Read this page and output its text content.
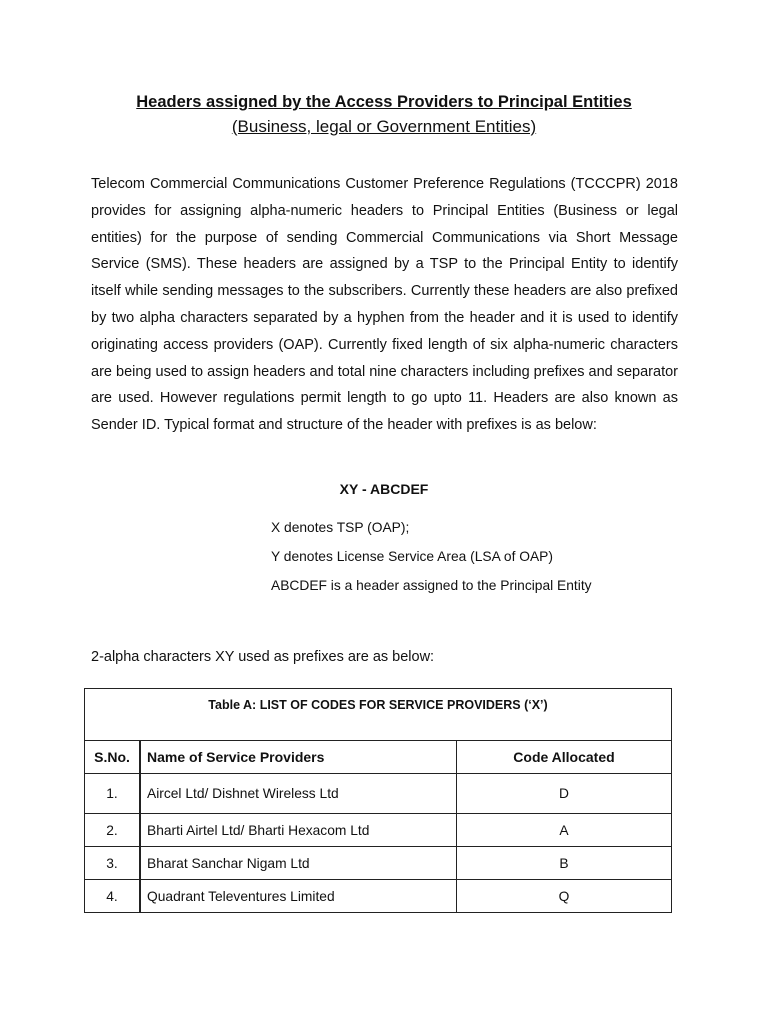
Headers assigned by the Access Providers to Principal Entities
(Business, legal or Government Entities)

Telecom Commercial Communications Customer Preference Regulations (TCCCPR) 2018 provides for assigning alpha-numeric headers to Principal Entities (Business or legal entities) for the purpose of sending Commercial Communications via Short Message Service (SMS). These headers are assigned by a TSP to the Principal Entity to identify itself while sending messages to the subscribers. Currently these headers are also prefixed by two alpha characters separated by a hyphen from the header and it is used to identify originating access providers (OAP). Currently fixed length of six alpha-numeric characters are being used to assign headers and total nine characters including prefixes and separator are used. However regulations permit length to go upto 11. Headers are also known as Sender ID. Typical format and structure of the header with prefixes is as below:

XY - ABCDEF
X denotes TSP (OAP);
Y denotes License Service Area (LSA of OAP)
ABCDEF is a header assigned to the Principal Entity
2-alpha characters XY used as prefixes are as below:
Table A: LIST OF CODES FOR SERVICE PROVIDERS (‘X’)		
S.No.	Name of Service Providers	Code Allocated
1.	Aircel Ltd/ Dishnet Wireless Ltd	D
2.	Bharti Airtel Ltd/ Bharti Hexacom Ltd	A
3.	Bharat Sanchar Nigam Ltd	B
4.	Quadrant Televentures Limited	Q
